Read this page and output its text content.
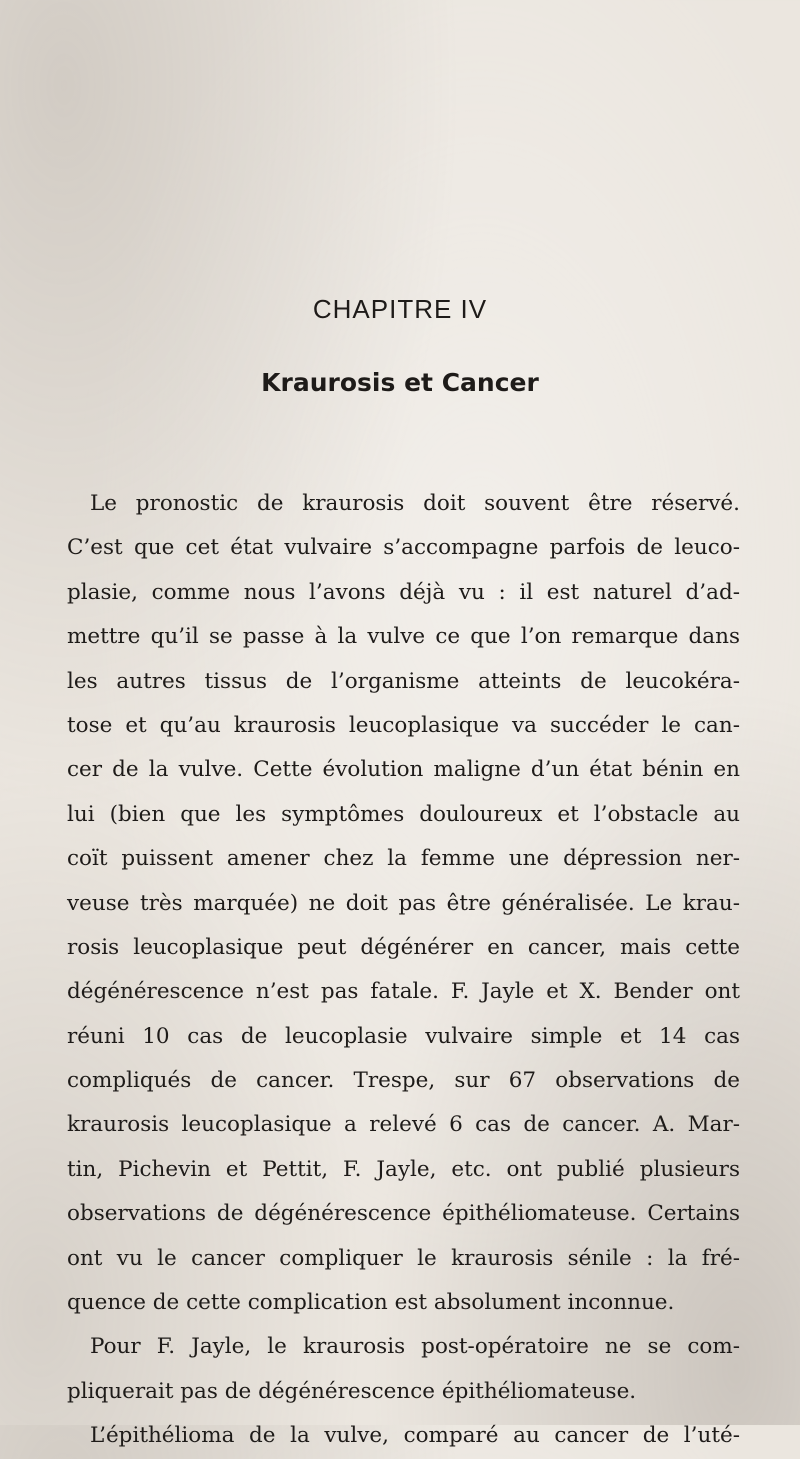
CHAPITRE IV
Kraurosis et Cancer
Le pronostic de kraurosis doit souvent être réservé.
C’est que cet état vulvaire s’accompagne parfois de leuco-
plasie, comme nous l’avons déjà vu : il est naturel d’ad-
mettre qu’il se passe à la vulve ce que l’on remarque dans
les autres tissus de l’organisme atteints de leucokéra-
tose et qu’au kraurosis leucoplasique va succéder le can-
cer de la vulve. Cette évolution maligne d’un état bénin en
lui (bien que les symptômes douloureux et l’obstacle au
coït puissent amener chez la femme une dépression ner-
veuse très marquée) ne doit pas être généralisée. Le krau-
rosis leucoplasique peut dégénérer en cancer, mais cette
dégénérescence n’est pas fatale. F. Jayle et X. Bender ont
réuni 10 cas de leucoplasie vulvaire simple et 14 cas
compliqués de cancer. Trespe, sur 67 observations de
kraurosis leucoplasique a relevé 6 cas de cancer. A. Mar-
tin, Pichevin et Pettit, F. Jayle, etc. ont publié plusieurs
observations de dégénérescence épithéliomateuse. Certains
ont vu le cancer compliquer le kraurosis sénile : la fré-
quence de cette complication est absolument inconnue.
Pour F. Jayle, le kraurosis post-opératoire ne se com-
pliquerait pas de dégénérescence épithéliomateuse.
L’épithélioma de la vulve, comparé au cancer de l’uté-
